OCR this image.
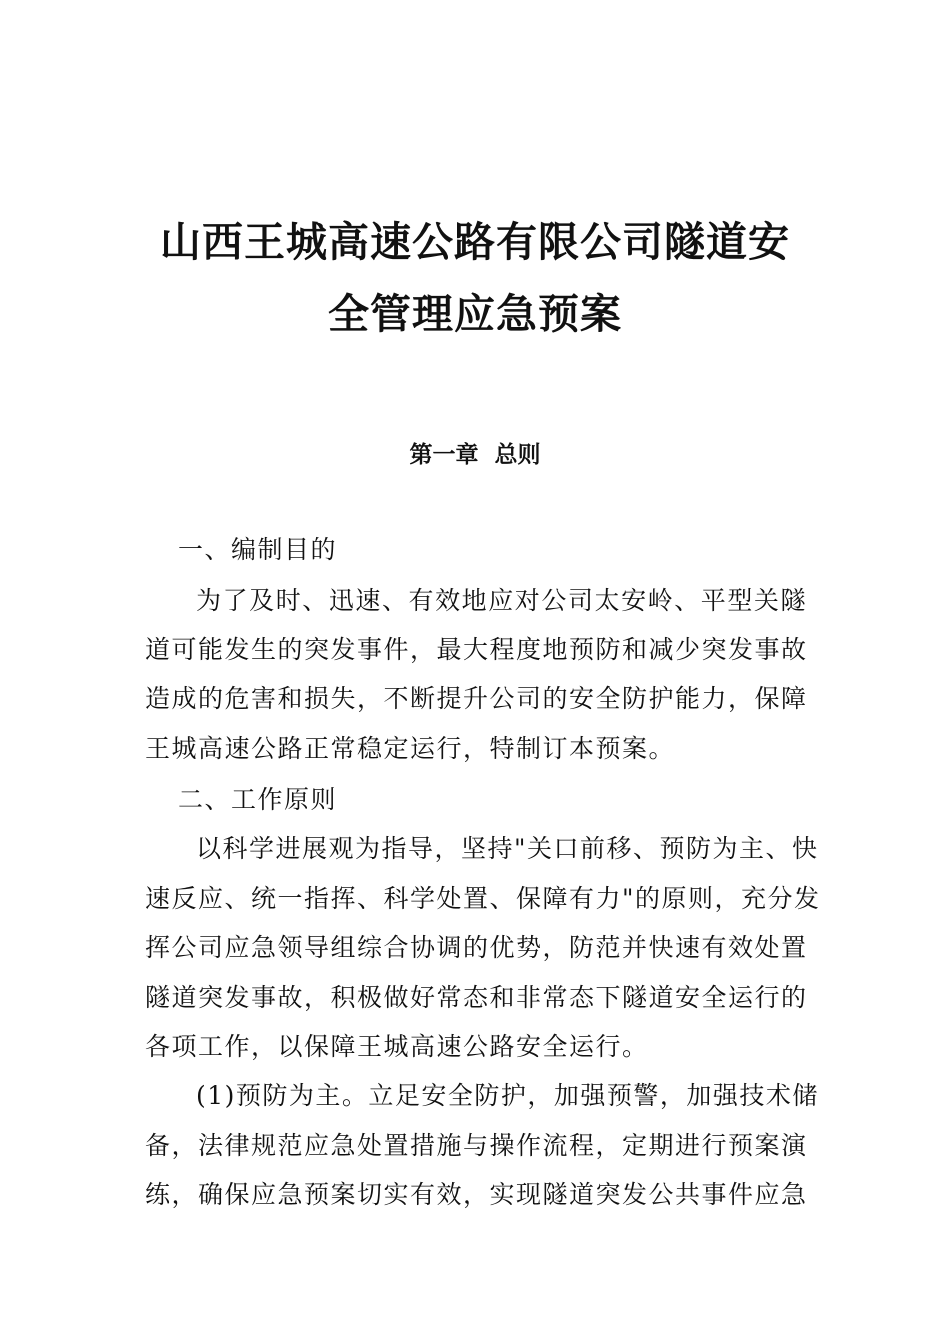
山西王城高速公路有限公司隧道安
全管理应急预案
第一章  总则
一、编制目的
为了及时、迅速、有效地应对公司太安岭、平型关隧
道可能发生的突发事件，最大程度地预防和减少突发事故
造成的危害和损失，不断提升公司的安全防护能力，保障
王城高速公路正常稳定运行，特制订本预案。
二、工作原则
以科学进展观为指导，坚持"关口前移、预防为主、快
速反应、统一指挥、科学处置、保障有力"的原则，充分发
挥公司应急领导组综合协调的优势，防范并快速有效处置
隧道突发事故，积极做好常态和非常态下隧道安全运行的
各项工作，以保障王城高速公路安全运行。
(1)预防为主。立足安全防护，加强预警，加强技术储
备，法律规范应急处置措施与操作流程，定期进行预案演
练，确保应急预案切实有效，实现隧道突发公共事件应急
